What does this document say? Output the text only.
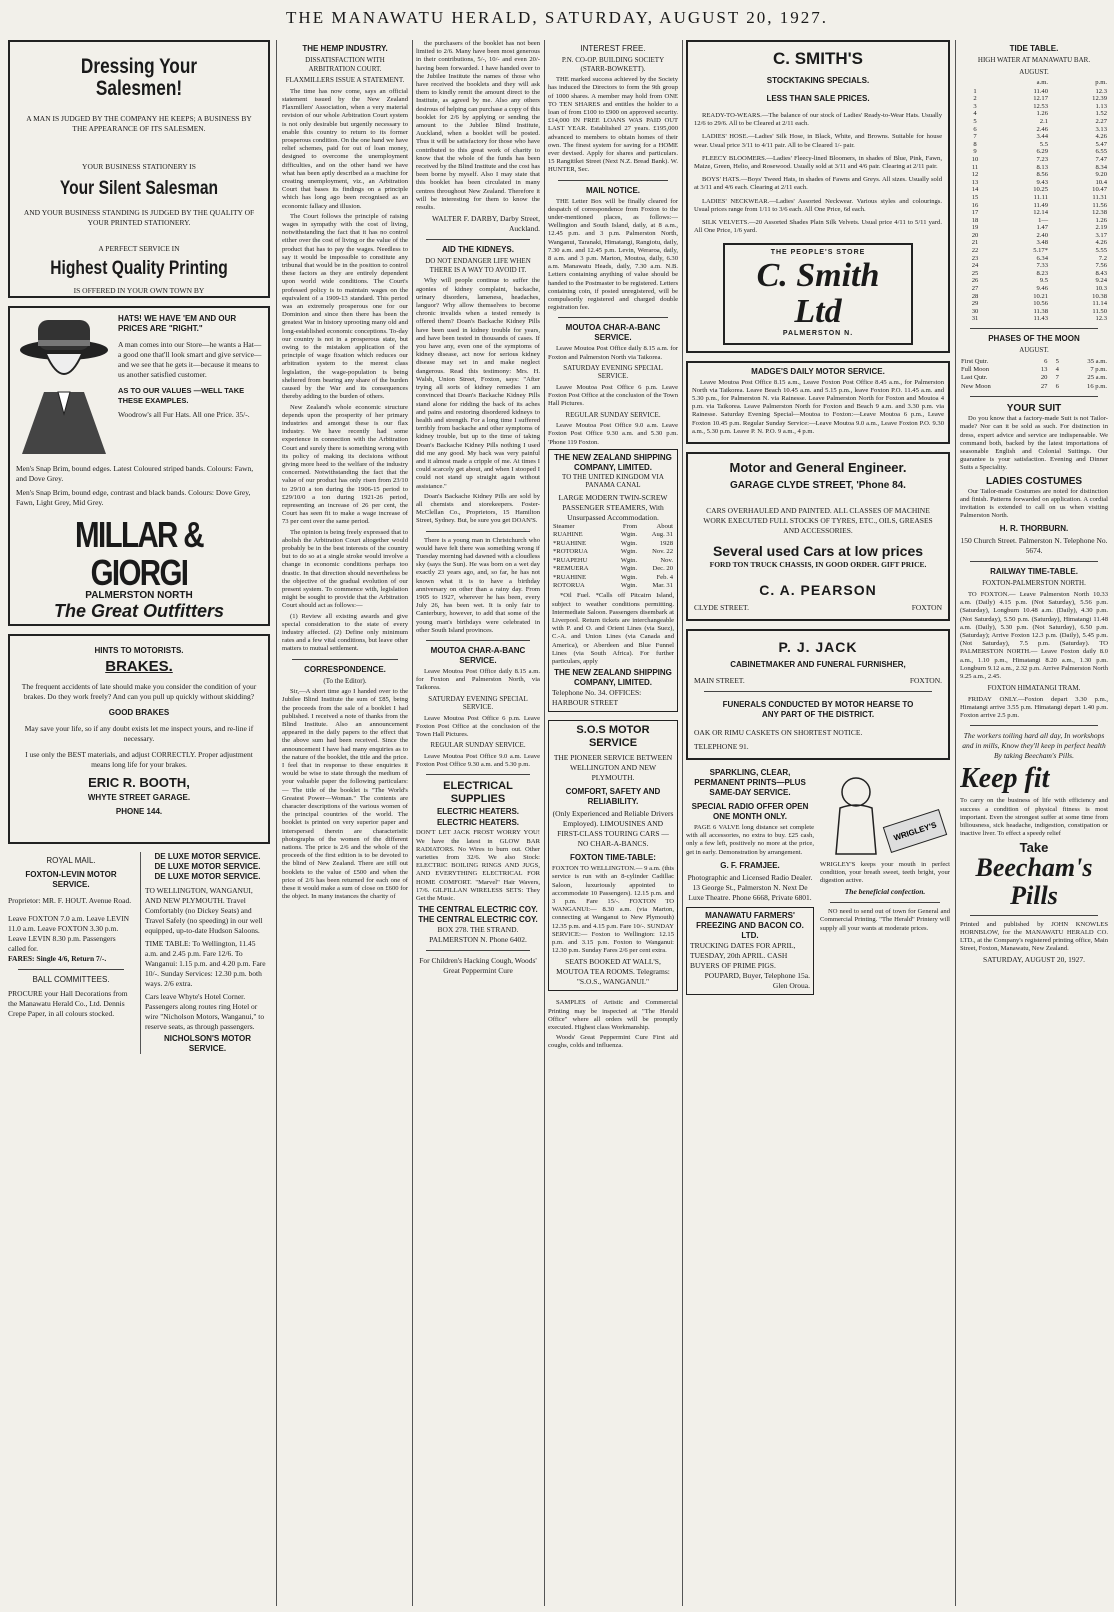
THE MANAWATU HERALD, SATURDAY, AUGUST 20, 1927.
Dressing Your Salesmen!
A MAN IS JUDGED BY THE COMPANY HE KEEPS; A BUSINESS BY THE APPEARANCE OF ITS SALESMEN.
YOUR BUSINESS STATIONERY IS
Your Silent Salesman
AND YOUR BUSINESS STANDING IS JUDGED BY THE QUALITY OF YOUR PRINTED STATIONERY.
A PERFECT SERVICE IN
Highest Quality Printing
IS OFFERED IN YOUR OWN TOWN BY
HATS! WE HAVE 'EM AND OUR PRICES ARE "RIGHT."
A man comes into our Store—he wants a Hat—a good one that'll look smart and give service—and we see that he gets it—because it means to us another satisfied customer.
AS TO OUR VALUES —WELL TAKE THESE EXAMPLES.
Woodrow's all Fur Hats. All one Price. 35/-.
Men's Snap Brim, bound edges. Latest Coloured striped bands. Colours: Fawn, and Dove Grey.
Men's Snap Brim, bound edge, contrast and black bands. Colours: Dove Grey, Fawn, Light Grey, Mid Grey.
MILLAR & GIORGI
PALMERSTON NORTH
The Great Outfitters
HINTS TO MOTORISTS.
BRAKES.
The frequent accidents of late should make you consider the condition of your brakes. Do they work freely? And can you pull up quickly without skidding?
GOOD BRAKES
May save your life, so if any doubt exists let me inspect yours, and re-line if necessary.
I use only the BEST materials, and adjust CORRECTLY. Proper adjustment means long life for your brakes.
ERIC R. BOOTH,
WHYTE STREET GARAGE.
PHONE 144.
ROYAL MAIL.
FOXTON-LEVIN MOTOR SERVICE.
Proprietor: MR. F. HOUT. Avenue Road.
Leave FOXTON 7.0 a.m. Leave LEVIN 11.0 a.m. Leave FOXTON 3.30 p.m. Leave LEVIN 8.30 p.m. Passengers called for.
FARES: Single 4/6, Return 7/-.
BALL COMMITTEES.
PROCURE your Hall Decorations from the Manawatu Herald Co., Ltd. Dennis Crepe Paper, in all colours stocked.
DE LUXE MOTOR SERVICE.
DE LUXE MOTOR SERVICE.
DE LUXE MOTOR SERVICE.
TO WELLINGTON, WANGANUI, AND NEW PLYMOUTH. Travel Comfortably (no Dickey Seats) and Travel Safely (no speeding) in our well equipped, up-to-date Hudson Saloons.
TIME TABLE: To Wellington, 11.45 a.m. and 2.45 p.m. Fare 12/6. To Wanganui: 1.15 p.m. and 4.20 p.m. Fare 10/-. Sunday Services: 12.30 p.m. both ways. 2/6 extra.
Cars leave Whyte's Hotel Corner. Passengers along routes ring Hotel or wire "Nicholson Motors, Wanganui," to reserve seats, as through passengers.
NICHOLSON'S MOTOR SERVICE.
THE HEMP INDUSTRY.
DISSATISFACTION WITH ARBITRATION COURT.
FLAXMILLERS ISSUE A STATEMENT.

The time has now come, says an official statement issued by the New Zealand Flaxmillers' Association, when a very material revision of our whole Arbitration Court system is not only desirable but urgently necessary to enable this country to return to its former prosperous condition. On the one hand we have relief schemes, paid for out of loan money, designed to overcome the unemployment difficulties, and on the other hand we have what has been aptly described as a machine for creating unemployment, viz., an Arbitration Court that bases its findings on a principle which has long ago been recognised as an economic fallacy and illusion.

The Court follows the principle of raising wages in sympathy with the cost of living, notwithstanding the fact that it has no control either over the cost of living or the value of the product that has to pay the wages. Needless to say it would be impossible to constitute any tribunal that would be in the position to control these factors as they are entirely dependent upon world wide conditions. The Court's professed policy is to maintain wages on the equivalent of a 1909-13 standard. This period was an extremely prosperous one for our Dominion and since then there has been the greatest War in history uprooting many old and long-established economic conceptions. To-day our country is not in a prosperous state, but owing to the mistaken application of the principle of wage fixation which reduces our arbitration system to the merest class legislation, the wage-population is being sheltered from bearing any share of the burden caused by the War and its consequences thereby adding to the burden of others.

New Zealand's whole economic structure depends upon the prosperity of her primary industries and amongst these is our flax industry. We have recently had some experience in connection with the Arbitration Court and surely there is something wrong with its policy of making its decisions without giving more heed to the welfare of the industry concerned. Notwithstanding the fact that the value of our product has only risen from 23/10 to 29/10 a ton during the 1906-15 period to £29/10/0 a ton during 1921-26 period, representing an increase of 26 per cent, the Court has seen fit to make a wage increase of 73 per cent over the same period.

The opinion is being freely expressed that to abolish the Arbitration Court altogether would probably be in the best interests of the country but to do so at a single stroke would involve a change in economic conditions perhaps too drastic. In that direction should nevertheless be the objective of the gradual evolution of our present system. To commence with, legislation might be sought to provide that the Arbitration Court should act as follows:—

(1) Review all existing awards and give special consideration to the state of every industry affected. (2) Define only minimum rates and a few vital conditions, but leave other matters to mutual settlement.

CORRESPONDENCE.
(To the Editor).

Sir,—A short time ago I handed over to the Jubilee Blind Institute the sum of £85, being the proceeds from the sale of a booklet I had published. I received a note of thanks from the Blind Institute. Also an announcement appeared in the daily papers to the effect that the above sum had been received. Since the announcement I have had many enquiries as to the nature of the booklet, the title and the price. I feel that in response to these enquiries it would be wise to state through the medium of your valuable paper the following particulars:— The title of the booklet is "The World's Greatest Power—Woman." The contents are character descriptions of the various women of the principal countries of the world. The booklet is printed on very superior paper and interspersed therein are characteristic photographs of the women of the different nations. The price is 2/6 and the whole of the proceeds of the first edition is to be devoted to the blind of New Zealand. There are still out booklets to the value of £500 and when the price of 2/6 has been returned for each one of these it would make a sum of close on £600 for the object. In many instances the charity of

the purchasers of the booklet has not been limited to 2/6. Many have been most generous in their contributions, 5/-, 10/- and even 20/- having been forwarded. I have handed over to the Jubilee Institute the names of those who have received the booklets and they will ask them to kindly remit the amount direct to the Institute, as agreed by me. Also any others desirous of helping can purchase a copy of this booklet for 2/6 by applying or sending the amount to the Jubilee Blind Institute, Auckland, when a booklet will be posted. Thus it will be satisfactory for those who have contributed to this great work of charity to know that the whole of the funds has been received by the Blind Institute and the cost has been borne by myself. Also I may state that this booklet has been circulated in many centres throughout New Zealand. Therefore it will be interesting for them to know the results.

WALTER F. DARBY, Darby Street, Auckland.
AID THE KIDNEYS.
DO NOT ENDANGER LIFE WHEN THERE IS A WAY TO AVOID IT.

Why will people continue to suffer the agonies of kidney complaint, backache, urinary disorders, lameness, headaches, languor? Why allow themselves to become chronic invalids when a tested remedy is offered them? Doan's Backache Kidney Pills have been used in kidney trouble for years, and have been tested in thousands of cases. If you have any, even one of the symptoms of kidney disease, act now for serious kidney disease may set in and make neglect dangerous. Read this testimony: Mrs. H. Walsh, Union Street, Foxton, says: "After trying all sorts of kidney remedies I am convinced that Doan's Backache Kidney Pills stand alone for ridding the back of its aches and pains and restoring disordered kidneys to health and strength. For a long time I suffered terribly from backache and other symptoms of kidney trouble, but up to the time of taking Doan's Backache Kidney Pills nothing I used did me any good. My back was very painful and it almost made a cripple of me. At times I could scarcely get about, and when I stooped I could not stand up straight again without assistance."

Doan's Backache Kidney Pills are sold by all chemists and storekeepers. Foster-McClellan Co., Proprietors, 15 Hamilton Street, Sydney. But, be sure you get DOAN'S.

There is a young man in Christchurch who would have felt there was something wrong if Tuesday morning had dawned with a cloudless sky (says the Sun). He was born on a wet day exactly 23 years ago, and, so far, he has not known what it is to have a birthday anniversary on other than a rainy day. From 1905 to 1927, wherever he has been, every July 26, has been wet. It is only fair to Canterbury, however, to add that some of the young man's birthdays were celebrated in other South Island provinces.

MOUTOA CHAR-A-BANC SERVICE.

Leave Moutoa Post Office daily 8.15 a.m. for Foxton and Palmerston North, via Taikorea.

SATURDAY EVENING SPECIAL SERVICE.

Leave Moutoa Post Office 6 p.m. Leave Foxton Post Office at the conclusion of the Town Hall Pictures.

REGULAR SUNDAY SERVICE.

Leave Moutoa Post Office 9.0 a.m. Leave Foxton Post Office 9.30 a.m. and 5.30 p.m.

ELECTRICAL SUPPLIES
ELECTRIC HEATERS.
ELECTRIC HEATERS.

DON'T LET JACK FROST WORRY YOU! We have the latest in GLOW BAR RADIATORS. No Wires to burn out. Other varieties from 32/6. We also Stock: ELECTRIC BOILING RINGS AND JUGS, AND EVERYTHING ELECTRICAL FOR HOME COMFORT. "Marvel" Hair Wavers, 17/6. GILFILLAN WIRELESS SETS: They Get the Music.

THE CENTRAL ELECTRIC COY.
THE CENTRAL ELECTRIC COY.
BOX 278. THE STRAND. PALMERSTON N. Phone 6402.
For Children's Hacking Cough, Woods' Great Peppermint Cure
INTEREST FREE.
P.N. CO-OP. BUILDING SOCIETY (STARR-BOWKETT).

THE marked success achieved by the Society has induced the Directors to form the 9th group of 1000 shares. A member may hold from ONE TO TEN SHARES and entitles the holder to a loan of from £100 to £900 on approved security. £14,000 IN FREE LOANS WAS PAID OUT LAST YEAR. Established 27 years. £195,000 advanced to members to obtain homes of their own. The finest system for saving for a HOME ever devised. Apply for shares and particulars. 15 Rangitikei Street (Next N.Z. Bread Bank). W. HUNTER, Sec.

MAIL NOTICE.

THE Letter Box will be finally cleared for despatch of correspondence from Foxton to the under-mentioned places, as follows:— Wellington and South Island, daily, at 8 a.m., 12.45 p.m. and 3 p.m. Palmerston North, Wanganui, Taranaki, Himatangi, Rangiotu, daily, 7.30 a.m. and 12.45 p.m. Levin, Weraroa, daily, 8 a.m. and 3 p.m. Marton, Moutoa, daily, 6.30 a.m. Manawatu Heads, daily, 7.30 a.m. N.B. Letters containing anything of value should be handed to the Postmaster to be registered. Letters containing coin, if posted unregistered, will be compulsorily registered and charged double registration fee.

MOUTOA CHAR-A-BANC SERVICE.

Leave Moutoa Post Office daily 8.15 a.m. for Foxton and Palmerston North via Taikorea.

SATURDAY EVENING SPECIAL SERVICE.

Leave Moutoa Post Office 6 p.m. Leave Foxton Post Office at the conclusion of the Town Hall Pictures.

REGULAR SUNDAY SERVICE.

Leave Moutoa Post Office 9.0 a.m. Leave Foxton Post Office 9.30 a.m. and 5.30 p.m. 'Phone 119 Foxton.

THE NEW ZEALAND SHIPPING COMPANY, LIMITED.
TO THE UNITED KINGDOM VIA PANAMA CANAL
LARGE MODERN TWIN-SCREW PASSENGER STEAMERS, With Unsurpassed Accommodation.
Steamer	From	About
RUAHINE	Wgtn.	Aug. 31
*RUAHINE	Wgtn.	1928
*ROTORUA	Wgtn.	Nov. 22
*RUAPEHU	Wgtn.	Nov.
*REMUERA	Wgtn.	Dec. 20
*RUAHINE	Wgtn.	Feb. 4
ROTORUA	Wgtn.	Mar. 31

*Oil Fuel. *Calls off Pitcairn Island, subject to weather conditions permitting. Intermediate Saloon. Passengers disembark at Liverpool. Return tickets are interchangeable with P. and O. and Orient Lines (via Suez), C.-A. and Union Lines (via Canada and America), or Aberdeen and Blue Funnel Lines (via South Africa). For further particulars, apply

THE NEW ZEALAND SHIPPING COMPANY, LIMITED.
Telephone No. 34. OFFICES: HARBOUR STREET
S.O.S MOTOR SERVICE
THE PIONEER SERVICE BETWEEN WELLINGTON AND NEW PLYMOUTH.
COMFORT, SAFETY AND RELIABILITY.
(Only Experienced and Reliable Drivers Employed). LIMOUSINES AND FIRST-CLASS TOURING CARS — NO CHAR-A-BANCS.
FOXTON TIME-TABLE:

FOXTON TO WELLINGTON.— 9 a.m. (this service is run with an 8-cylinder Cadillac Saloon, luxuriously appointed to accommodate 10 Passengers). 12.15 p.m. and 3 p.m. Fare 15/-. FOXTON TO WANGANUI:— 8.30 a.m. (via Marton, connecting at Wanganui to New Plymouth) 12.35 p.m. and 4.15 p.m. Fare 10/-. SUNDAY SERVICE:— Foxton to Wellington: 12.15 p.m. and 3.15 p.m. Foxton to Wanganui: 12.30 p.m. Sunday Fares 2/6 per cent extra.

SEATS BOOKED AT WALL'S, MOUTOA TEA ROOMS. Telegrams: "S.O.S., WANGANUI."

SAMPLES of Artistic and Commercial Printing may be inspected at "The Herald Office" where all orders will be promptly executed. Highest class Workmanship.

Woods' Great Peppermint Cure First aid coughs, colds and influenza.

C. SMITH'S
STOCKTAKING SPECIALS.
LESS THAN SALE PRICES.

READY-TO-WEARS.—The balance of our stock of Ladies' Ready-to-Wear Hats. Usually 12/6 to 29/6. All to be Cleared at 2/11 each.

LADIES' HOSE.—Ladies' Silk Hose, in Black, White, and Browns. Suitable for house wear. Usual price 3/11 to 4/11 pair. All to be Cleared 1/- pair.

FLEECY BLOOMERS.—Ladies' Fleecy-lined Bloomers, in shades of Blue, Pink, Fawn, Maize, Green, Helio, and Rosewood. Usually sold at 3/11 and 4/6 pair. Clearing at 2/11 pair.

BOYS' HATS.—Boys' Tweed Hats, in shades of Fawns and Greys. All sizes. Usually sold at 3/11 and 4/6 each. Clearing at 2/11 each.

LADIES' NECKWEAR.—Ladies' Assorted Neckwear. Various styles and colourings. Usual prices range from 1/11 to 3/6 each. All One Price, 6d each.

SILK VELVETS.—20 Assorted Shades Plain Silk Velvets. Usual price 4/11 to 5/11 yard. All One Price, 1/6 yard.

THE PEOPLE'S STORE
C. Smith Ltd
PALMERSTON N.
MADGE'S DAILY MOTOR SERVICE.

Leave Moutoa Post Office 8.15 a.m., Leave Foxton Post Office 8.45 a.m., for Palmerston North via Taikorea. Leave Beach 10.45 a.m. and 5.15 p.m., leave Foxton P.O. 11.45 a.m. and 5.30 p.m., for Palmerston N. via Rainesse. Leave Palmerston North for Foxton and Moutoa 4 p.m. via Taikorea. Leave Palmerston North for Foxton and Beach 9 a.m. and 3.30 p.m. via Rainesse. Saturday Evening Special—Moutoa to Foxton:—Leave Moutoa 6 p.m., Leave Foxton 10.45 p.m. Regular Sunday Service:—Leave Moutoa 9.0 a.m., Leave Foxton P.O. 9.30 a.m., 5.30 p.m. Leave P. N. P.O. 9 a.m., 4 p.m.

Motor and General Engineer.
GARAGE CLYDE STREET, 'Phone 84.
CARS OVERHAULED AND PAINTED. ALL CLASSES OF MACHINE WORK EXECUTED FULL STOCKS OF TYRES, ETC., OILS, GREASES AND ACCESSORIES.
Several used Cars at low prices
FORD TON TRUCK CHASSIS, IN GOOD ORDER. GIFT PRICE.
C. A. PEARSON
CLYDE STREET.	FOXTON
P. J. JACK
CABINETMAKER AND FUNERAL FURNISHER,
MAIN STREET.	FOXTON.
FUNERALS CONDUCTED BY MOTOR HEARSE TO ANY PART OF THE DISTRICT.
OAK OR RIMU CASKETS ON SHORTEST NOTICE.
TELEPHONE 91.
SPARKLING, CLEAR, PERMANENT PRINTS—PLUS SAME-DAY SERVICE.
SPECIAL RADIO OFFER OPEN ONE MONTH ONLY.

PAGE 6 VALVE long distance set complete with all accessories, no extra to buy. £25 cash, only a few left, positively no more at the price, get in early. Demonstration by arrangement.

G. F. FRAMJEE.
Photographic and Licensed Radio Dealer. 13 George St., Palmerston N. Next De Luxe Theatre. Phone 6668, Private 6801.
MANAWATU FARMERS' FREEZING AND BACON CO. LTD.
TRUCKING DATES FOR APRIL, TUESDAY, 20th APRIL. CASH BUYERS OF PRIME PIGS.
POUPARD, Buyer, Telephone 15a. Glen Oroua.
WRIGLEY'S

WRIGLEY'S keeps your mouth in perfect condition, your breath sweet, teeth bright, your digestion active.

The beneficial confection.

NO need to send out of town for General and Commercial Printing. "The Herald" Printery will supply all your wants at moderate prices.

TIDE TABLE.
HIGH WATER AT MANAWATU BAR.
AUGUST.
	a.m.	p.m.
1	11.40	12.3
2	12.17	12.39
3	12.53	1.13
4	1.26	1.52
5	2.1	2.27
6	2.46	3.13
7	3.44	4.26
8	5.5	5.47
9	6.29	6.55
10	7.23	7.47
11	8.13	8.34
12	8.56	9.20
13	9.43	10.4
14	10.25	10.47
15	11.11	11.31
16	11.49	11.56
17	12.14	12.38
18	1—	1.26
19	1.47	2.19
20	2.40	3.17
21	3.48	4.26
22	5.17*	5.55
23	6.34	7.2
24	7.33	7.56
25	8.23	8.43
26	9.5	9.24
27	9.46	10.3
28	10.21	10.38
29	10.56	11.14
30	11.38	11.50
31	11.43	12.3
PHASES OF THE MOON
AUGUST.
First Qutr.	6	5	35 a.m.
Full Moon	13	4	7 p.m.
Last Qutr.	20	7	25 a.m.
New Moon	27	6	16 p.m.
YOUR SUIT

Do you know that a factory-made Suit is not Tailor-made? Nor can it be sold as such. For distinction in dress, expert advice and service are indispensable. We command both, backed by the latest importations of seasonable English and Colonial Suitings. Our guarantee is your satisfaction. Evening and Dinner Suits a Speciality.

LADIES COSTUMES

Our Tailor-made Costumes are noted for distinction and finish. Patterns forwarded on application. A cordial invitation is extended to call on us when visiting Palmerston North.

H. R. THORBURN.
150 Church Street. Palmerston N. Telephone No. 5674.
RAILWAY TIME-TABLE.
FOXTON-PALMERSTON NORTH.

TO FOXTON.— Leave Palmerston North 10.33 a.m. (Daily) 4.15 p.m. (Not Saturday), 5.56 p.m. (Saturday), Longburn 10.48 a.m. (Daily), 4.30 p.m. (Not Saturday), 5.50 p.m. (Saturday), Himatangi 11.48 a.m. (Daily), 5.30 p.m. (Not Saturday), 6.50 p.m. (Saturday); Arrive Foxton 12.3 p.m. (Daily), 5.45 p.m. (Not Saturday), 7.5 p.m. (Saturday). TO PALMERSTON NORTH.— Leave Foxton daily 8.0 a.m., 1.10 p.m., Himatangi 8.20 a.m., 1.30 p.m. Longburn 9.12 a.m., 2.32 p.m. Arrive Palmerston North 9.25 a.m., 2.45.

FOXTON HIMATANGI TRAM.

FRIDAY ONLY.—Foxton depart 3.30 p.m., Himatangi arrive 3.55 p.m. Himatangi depart 1.40 p.m. Foxton arrive 2.5 p.m.

The workers toiling hard all day, In workshops and in mills, Know they'll keep in perfect health By taking Beecham's Pills.
Keep fit

To carry on the business of life with efficiency and success a condition of physical fitness is most important. Even the strongest suffer at some time from biliousness, sick headache, indigestion, constipation or inactive liver. To effect a speedy relief

Take
Beecham's Pills

Printed and published by JOHN KNOWLES HORNBLOW, for the MANAWATU HERALD CO. LTD., at the Company's registered printing office, Main Street, Foxton, Manawatu, New Zealand.

SATURDAY, AUGUST 20, 1927.
